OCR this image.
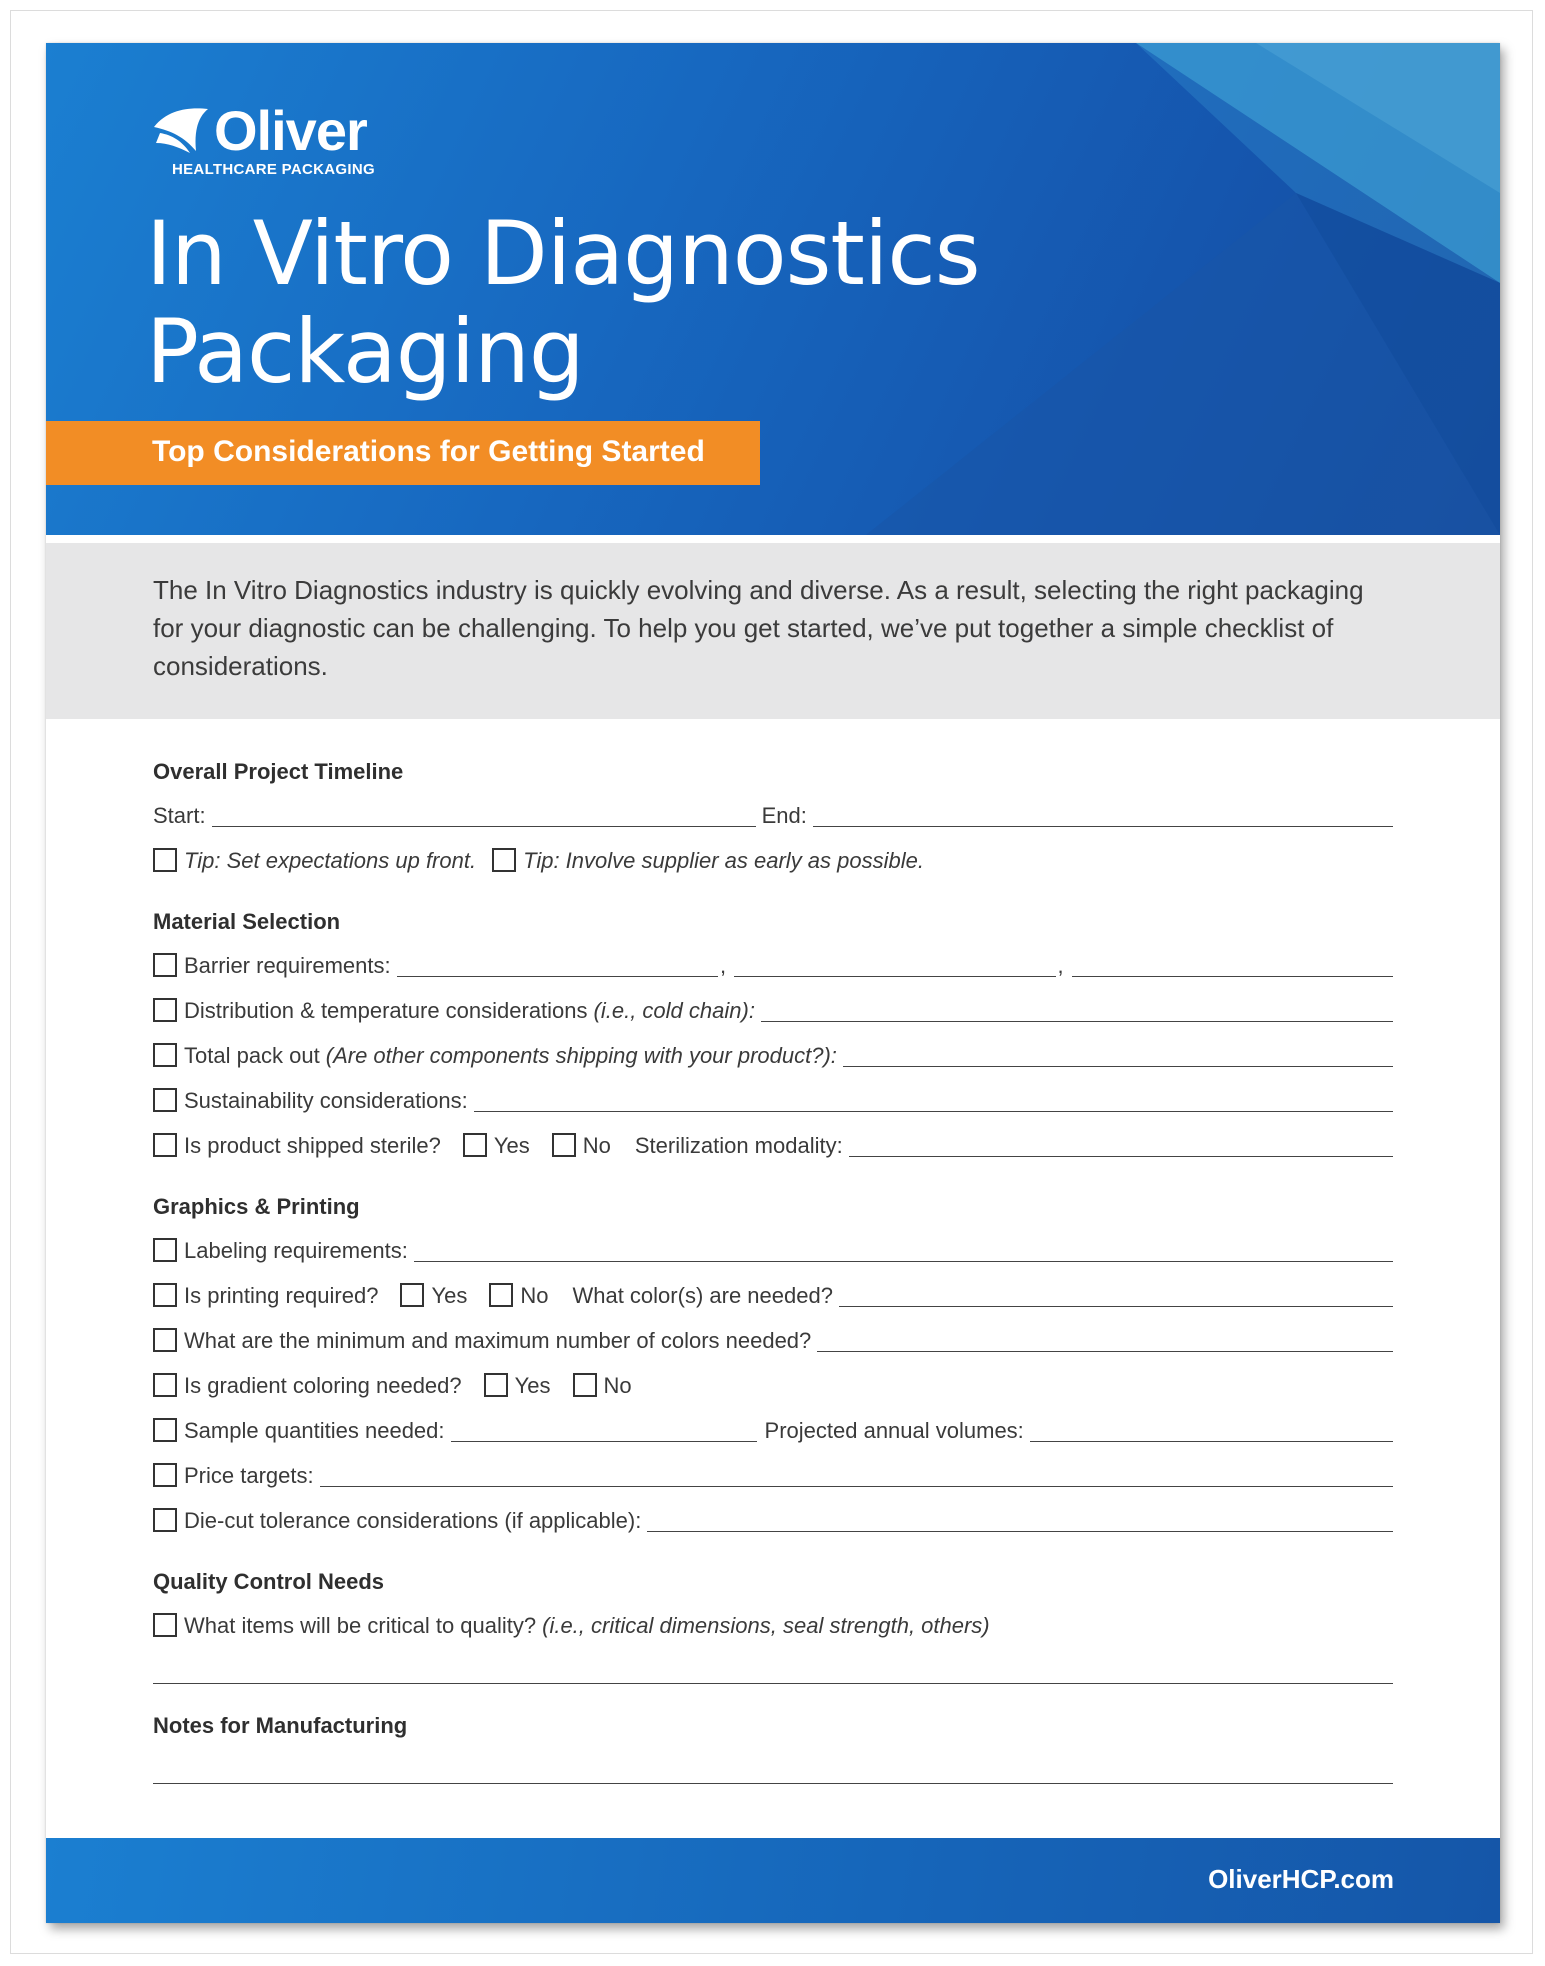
Oliver
HEALTHCARE PACKAGING
In Vitro Diagnostics
Packaging
Top Considerations for Getting Started

The In Vitro Diagnostics industry is quickly evolving and diverse. As a result, selecting the right packaging for your diagnostic can be challenging. To help you get started, we’ve put together a simple checklist of considerations.

Overall Project Timeline
Start:	End:
Tip: Set expectations up front. Tip: Involve supplier as early as possible.
Material Selection
Barrier requirements:	,	,
Distribution & temperature considerations (i.e., cold chain):
Total pack out (Are other components shipping with your product?):
Sustainability considerations:
Is product shipped sterile? Yes No Sterilization modality:
Graphics & Printing
Labeling requirements:
Is printing required? Yes No What color(s) are needed?
What are the minimum and maximum number of colors needed?
Is gradient coloring needed? Yes No
Sample quantities needed:	Projected annual volumes:
Price targets:
Die-cut tolerance considerations (if applicable):
Quality Control Needs
What items will be critical to quality? (i.e., critical dimensions, seal strength, others)
Notes for Manufacturing
OliverHCP.com
